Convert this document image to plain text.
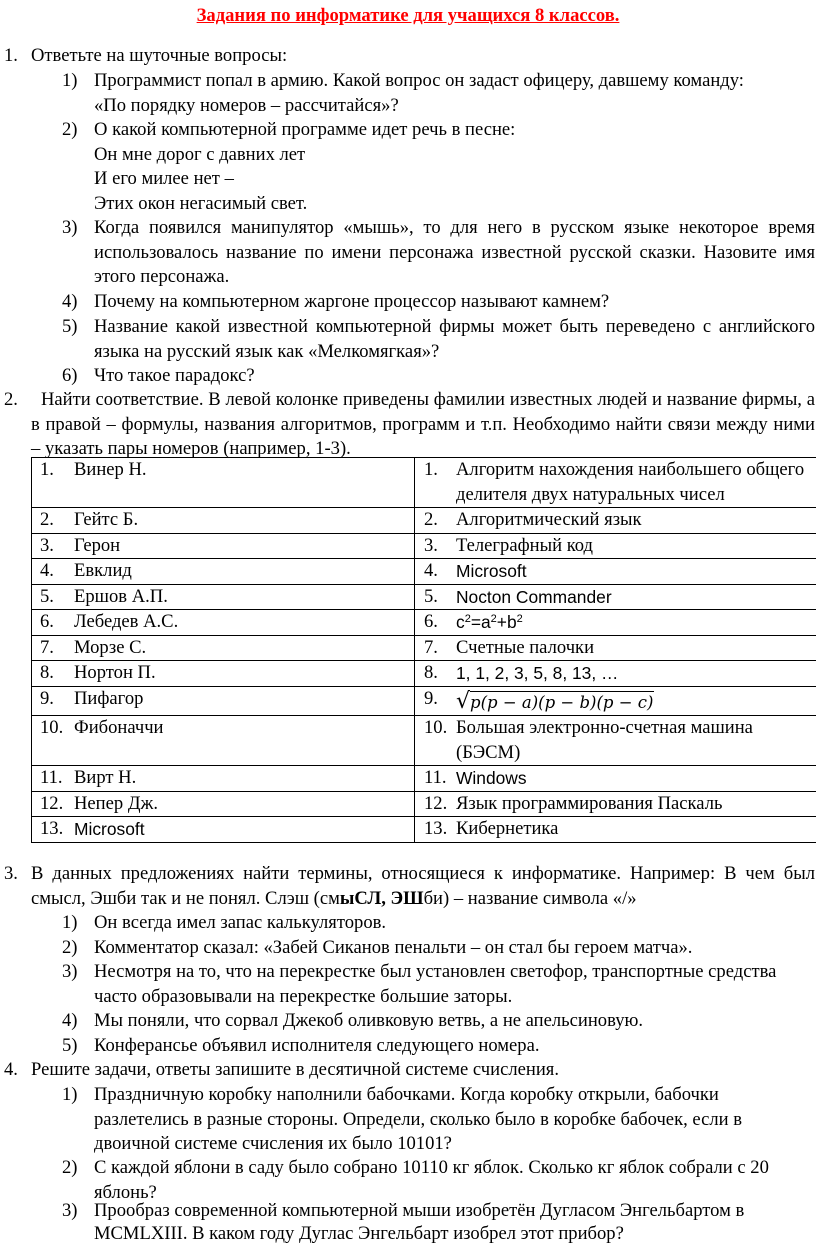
Задания по информатике для учащихся 8 классов.
1. Ответьте на шуточные вопросы:
1) Программист попал в армию. Какой вопрос он задаст офицеру, давшему команду: «По порядку номеров – рассчитайся»?
2) О какой компьютерной программе идет речь в песне:
Он мне дорог с давних лет
И его милее нет –
Этих окон негасимый свет.
3) Когда появился манипулятор «мышь», то для него в русском языке некоторое время использовалось название по имени персонажа известной русской сказки. Назовите имя этого персонажа.
4) Почему на компьютерном жаргоне процессор называют камнем?
5) Название какой известной компьютерной фирмы может быть переведено с английского языка на русский язык как «Мелкомягкая»?
6) Что такое парадокс?
2.	Найти соответствие. В левой колонке приведены фамилии известных людей и название фирмы, а в правой – формулы, названия алгоритмов, программ и т.п. Необходимо найти связи между ними – указать пары номеров (например, 1-3).
1. Винер Н.	1. Алгоритм нахождения наибольшего общего делителя двух натуральных чисел

2. Гейтс Б.	2. Алгоритмический язык

3. Герон	3. Телеграфный код

4. Евклид	4. Microsoft

5. Ершов А.П.	5. Nocton Commander

6. Лебедев А.С.	6. $c^2=a^2+b^2$

7. Морзе С.	7. Счетные палочки

8. Нортон П.	8. 1, 1, 2, 3, 5, 8, 13, …

9. Пифагор	9. √p(p − a)(p − b)(p − c)

10. Фибоначчи	10. Большая электронно-счетная машина (БЭСМ)

11. Вирт Н.	11. Windows

12. Непер Дж.	12. Язык программирования Паскаль

13. Microsoft	13. Кибернетика
3. В данных предложениях найти термины, относящиеся к информатике. Например: В чем был смысл, Эшби так и не понял. Слэш (смыСЛ, ЭШби) – название символа «/»
1) Он всегда имел запас калькуляторов.
2) Комментатор сказал: «Забей Сиканов пенальти – он стал бы героем матча».
3) Несмотря на то, что на перекрестке был установлен светофор, транспортные средства часто образовывали на перекрестке большие заторы.
4) Мы поняли, что сорвал Джекоб оливковую ветвь, а не апельсиновую.
5) Конферансье объявил исполнителя следующего номера.
4. Решите задачи, ответы запишите в десятичной системе счисления.
1) Праздничную коробку наполнили бабочками. Когда коробку открыли, бабочки разлетелись в разные стороны. Определи, сколько было в коробке бабочек, если в двоичной системе счисления их было 10101?
2) С каждой яблони в саду было собрано 10110 кг яблок. Сколько кг яблок собрали с 20 яблонь?
3) Прообраз современной компьютерной мыши изобретён Дугласом Энгельбартом в MCMLXIII. В каком году Дуглас Энгельбарт изобрел этот прибор?
